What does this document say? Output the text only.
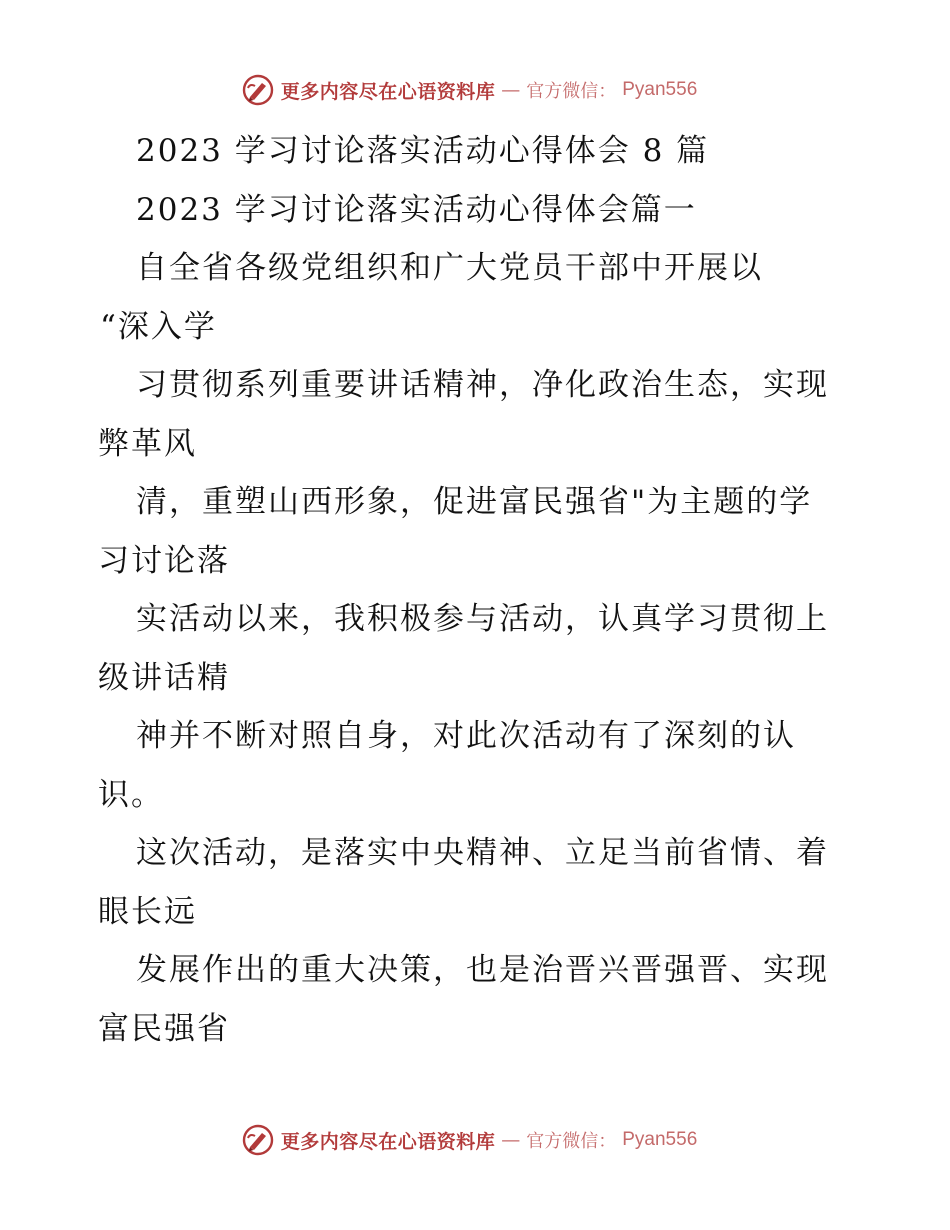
更多内容尽在心语资料库 — 官方微信： Pyan556
2023 学习讨论落实活动心得体会 8 篇
2023 学习讨论落实活动心得体会篇一
自全省各级党组织和广大党员干部中开展以
“深入学
习贯彻系列重要讲话精神，净化政治生态，实现
弊革风
清，重塑山西形象，促进富民强省"为主题的学
习讨论落
实活动以来，我积极参与活动，认真学习贯彻上
级讲话精
神并不断对照自身，对此次活动有了深刻的认
识。
这次活动，是落实中央精神、立足当前省情、着
眼长远
发展作出的重大决策，也是治晋兴晋强晋、实现
富民强省
更多内容尽在心语资料库 — 官方微信： Pyan556
